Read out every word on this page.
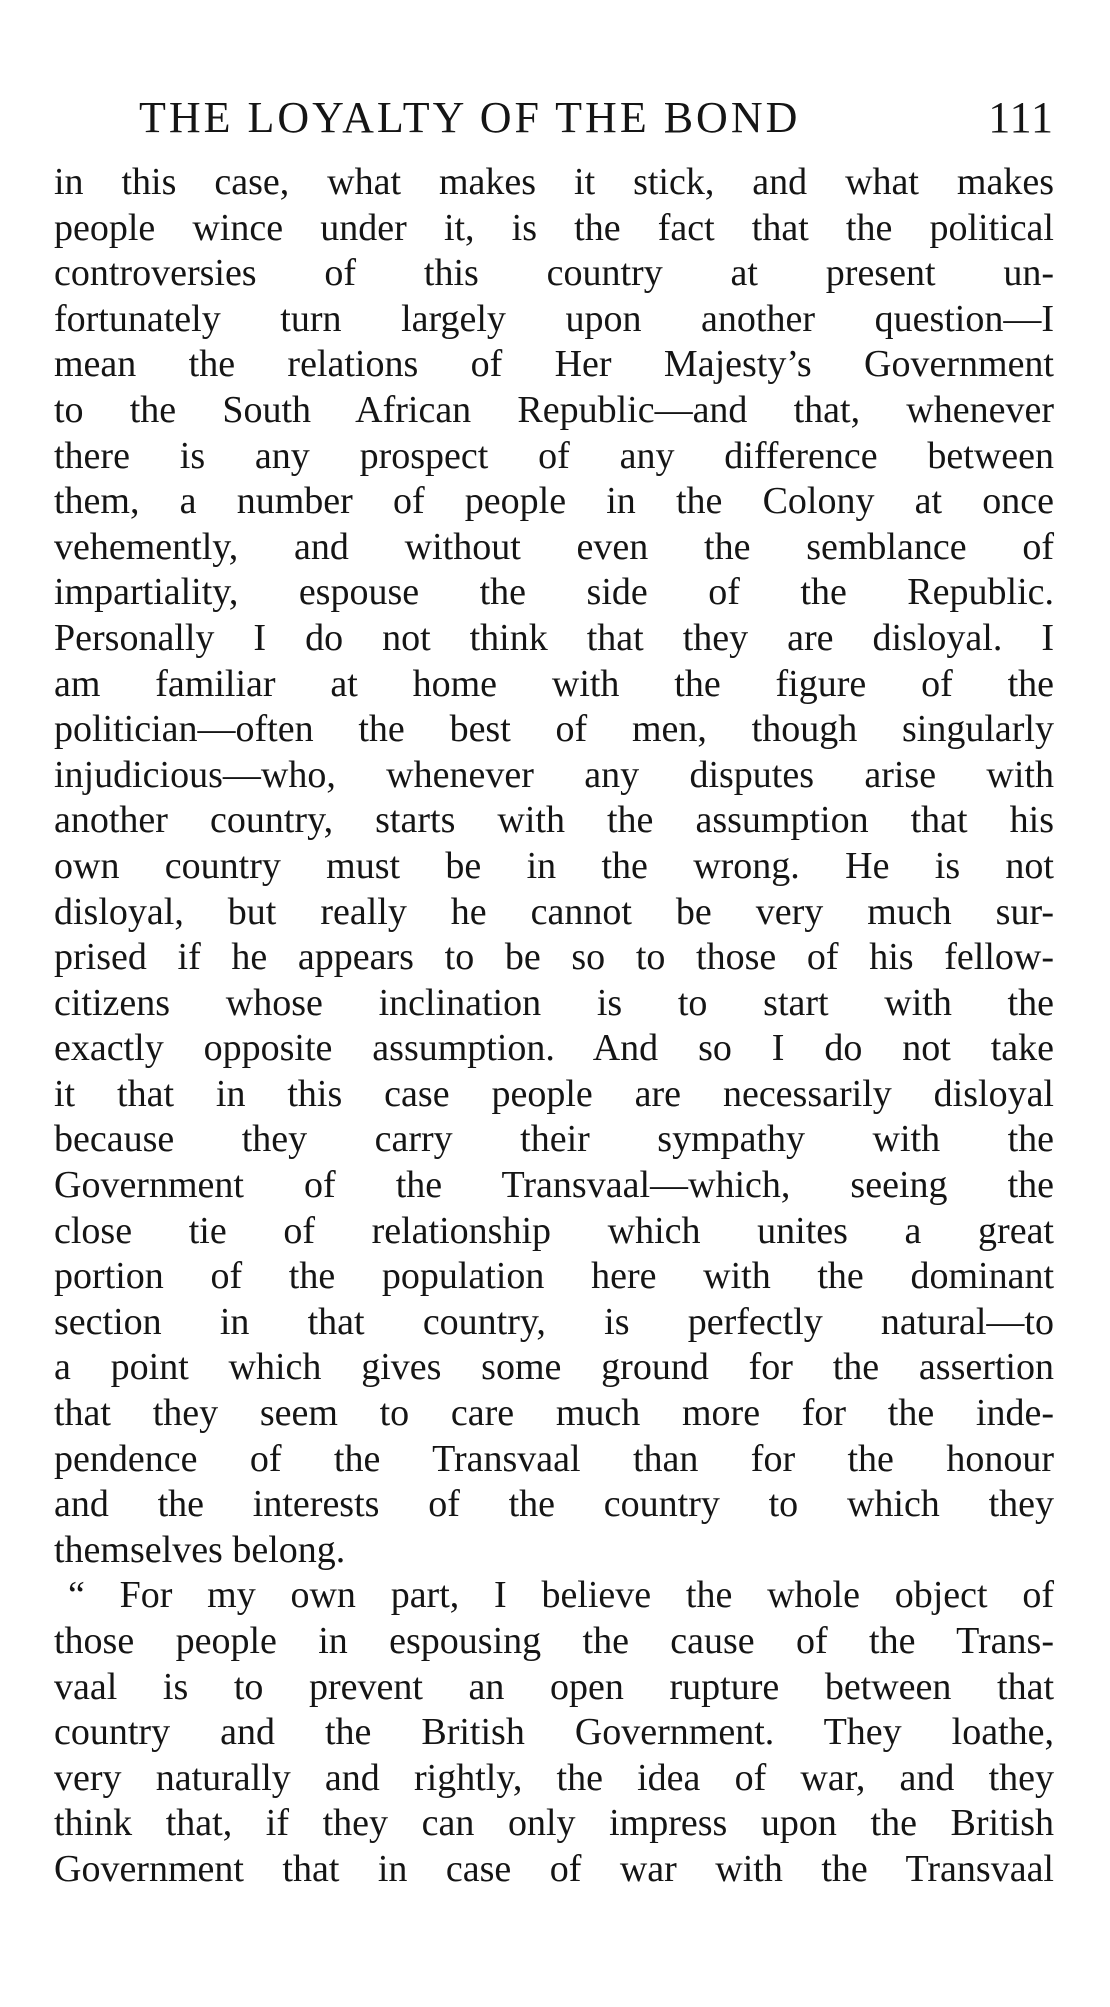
THE LOYALTY OF THE BOND	111
in this case, what makes it stick, and what makes
people wince under it, is the fact that the political
controversies of this country at present un-
fortunately turn largely upon another question—I
mean the relations of Her Majesty’s Government
to the South African Republic—and that, whenever
there is any prospect of any difference between
them, a number of people in the Colony at once
vehemently, and without even the semblance of
impartiality, espouse the side of the Republic.
Personally I do not think that they are disloyal. I
am familiar at home with the figure of the
politician—often the best of men, though singularly
injudicious—who, whenever any disputes arise with
another country, starts with the assumption that his
own country must be in the wrong. He is not
disloyal, but really he cannot be very much sur-
prised if he appears to be so to those of his fellow-
citizens whose inclination is to start with the
exactly opposite assumption. And so I do not take
it that in this case people are necessarily disloyal
because they carry their sympathy with the
Government of the Transvaal—which, seeing the
close tie of relationship which unites a great
portion of the population here with the dominant
section in that country, is perfectly natural—to
a point which gives some ground for the assertion
that they seem to care much more for the inde-
pendence of the Transvaal than for the honour
and the interests of the country to which they
themselves belong.
“ For my own part, I believe the whole object of
those people in espousing the cause of the Trans-
vaal is to prevent an open rupture between that
country and the British Government. They loathe,
very naturally and rightly, the idea of war, and they
think that, if they can only impress upon the British
Government that in case of war with the Transvaal
